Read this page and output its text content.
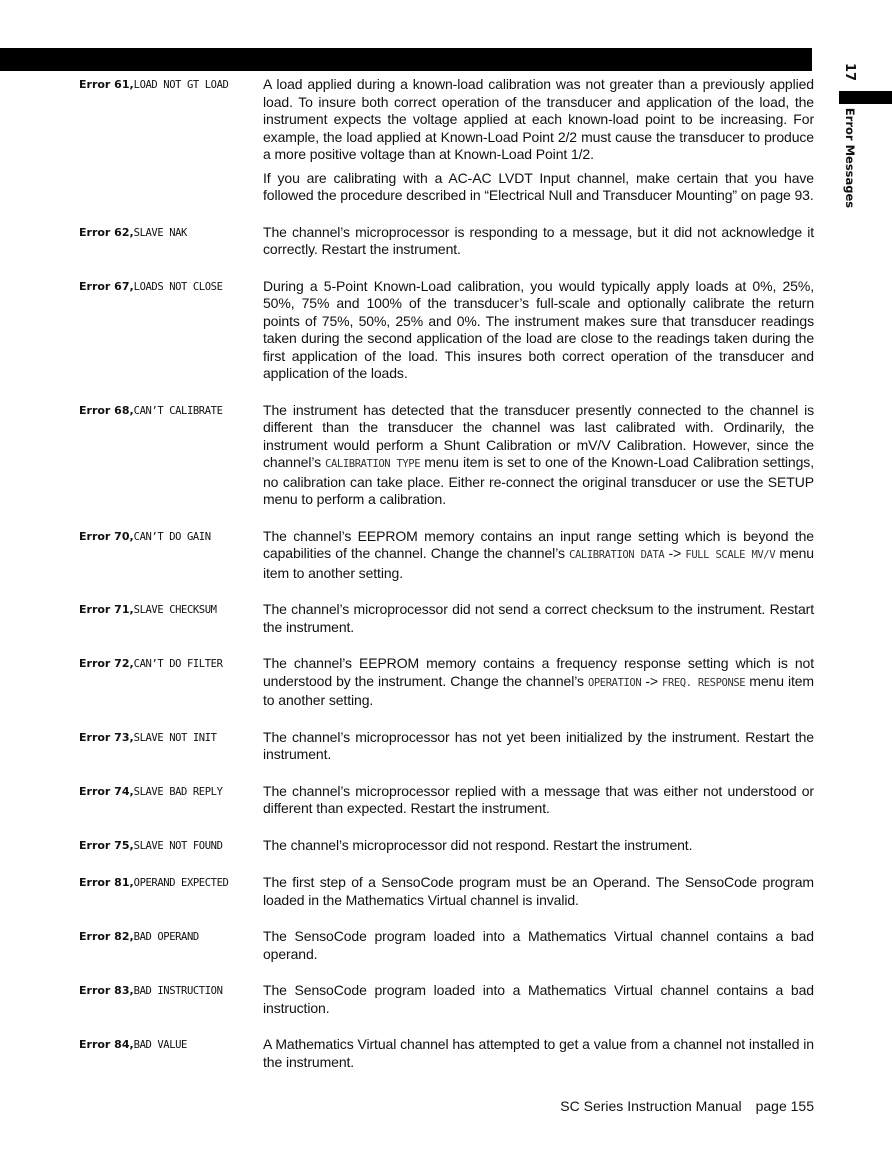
17
Error Messages
Error 61,LOAD NOT GT LOAD	A load applied during a known-load calibration was not greater than a previously applied load. To insure both correct operation of the transducer and application of the load, the instrument expects the voltage applied at each known-load point to be increasing. For example, the load applied at Known-Load Point 2/2 must cause the transducer to produce a more positive voltage than at Known-Load Point 1/2.

If you are calibrating with a AC-AC LVDT Input channel, make certain that you have followed the procedure described in “Electrical Null and Transducer Mounting” on page 93.

Error 62,SLAVE NAK	The channel’s microprocessor is responding to a message, but it did not acknowledge it correctly. Restart the instrument.

Error 67,LOADS NOT CLOSE	During a 5-Point Known-Load calibration, you would typically apply loads at 0%, 25%, 50%, 75% and 100% of the transducer’s full-scale and optionally calibrate the return points of 75%, 50%, 25% and 0%. The instrument makes sure that transducer readings taken during the second application of the load are close to the readings taken during the first application of the load. This insures both correct operation of the transducer and application of the loads.

Error 68,CAN’T CALIBRATE	The instrument has detected that the transducer presently connected to the channel is different than the transducer the channel was last calibrated with. Ordinarily, the instrument would perform a Shunt Calibration or mV/V Calibration. However, since the channel’s CALIBRATION TYPE menu item is set to one of the Known-Load Calibration settings, no calibration can take place. Either re-connect the original transducer or use the SETUP menu to perform a calibration.

Error 70,CAN’T DO GAIN	The channel’s EEPROM memory contains an input range setting which is beyond the capabilities of the channel. Change the channel’s CALIBRATION DATA -> FULL SCALE MV/V menu item to another setting.

Error 71,SLAVE CHECKSUM	The channel’s microprocessor did not send a correct checksum to the instrument. Restart the instrument.

Error 72,CAN’T DO FILTER	The channel’s EEPROM memory contains a frequency response setting which is not understood by the instrument. Change the channel’s OPERATION -> FREQ. RESPONSE menu item to another setting.

Error 73,SLAVE NOT INIT	The channel’s microprocessor has not yet been initialized by the instrument. Restart the instrument.

Error 74,SLAVE BAD REPLY	The channel’s microprocessor replied with a message that was either not understood or different than expected. Restart the instrument.

Error 75,SLAVE NOT FOUND	The channel’s microprocessor did not respond. Restart the instrument.

Error 81,OPERAND EXPECTED	The first step of a SensoCode program must be an Operand. The SensoCode program loaded in the Mathematics Virtual channel is invalid.

Error 82,BAD OPERAND	The SensoCode program loaded into a Mathematics Virtual channel contains a bad operand.

Error 83,BAD INSTRUCTION	The SensoCode program loaded into a Mathematics Virtual channel contains a bad instruction.

Error 84,BAD VALUE	A Mathematics Virtual channel has attempted to get a value from a channel not installed in the instrument.

SC Series Instruction Manual page 155
